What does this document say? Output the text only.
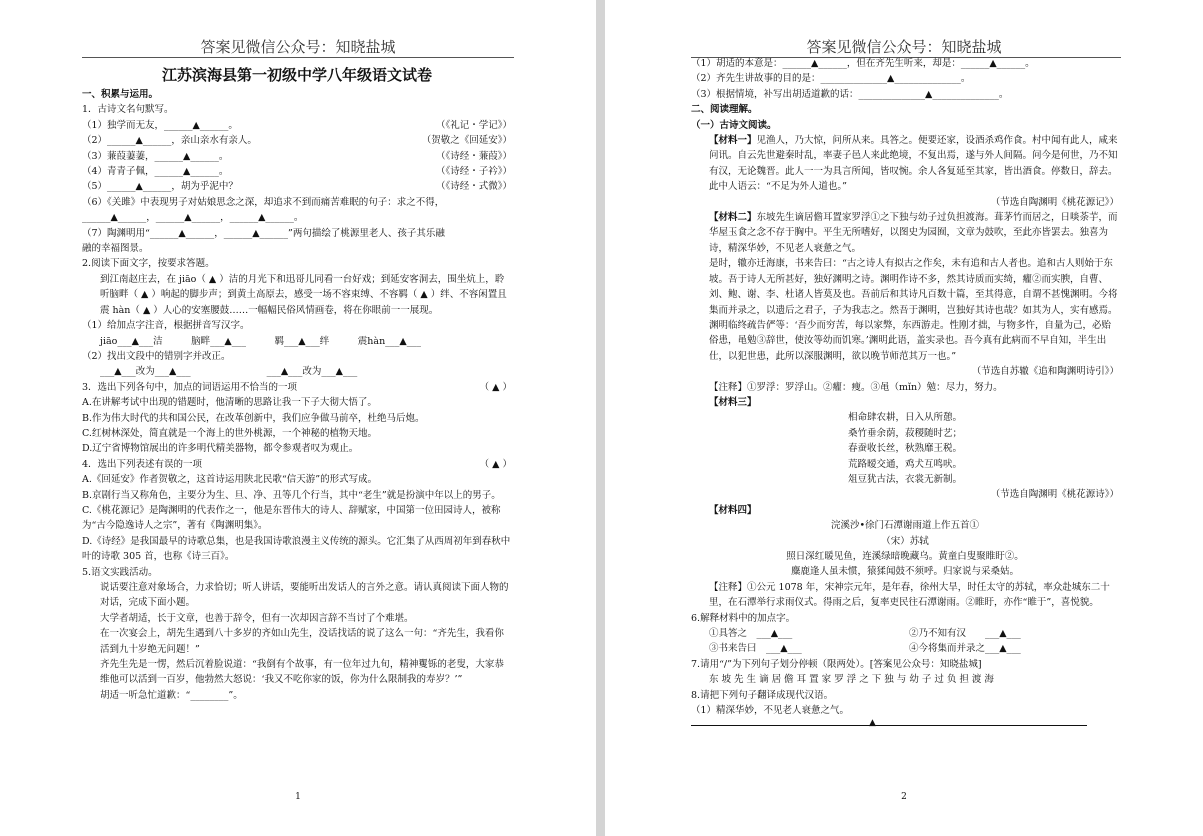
答案见微信公众号：知晓盐城
江苏滨海县第一初级中学八年级语文试卷
一、积累与运用。
1．古诗文名句默写。
（1）独学而无友，______▲______。	（《礼记・学记》）
（2）______▲______，亲山亲水有亲人。	（贺敬之《回延安》）
（3）蒹葭萋萋，______▲______。	（《诗经・蒹葭》）
（4）青青子佩，______▲______。	（《诗经・子衿》）
（5）______▲______，胡为乎泥中？	（《诗经・式微》）
（6）《关雎》中表现男子对姑娘思念之深，却追求不到而痛苦难眠的句子：求之不得，
______▲______，______▲______，______▲______。
（7）陶渊明用“______▲______，______▲______”两句描绘了桃源里老人、孩子其乐融
融的幸福图景。
2.阅读下面文字，按要求答题。
到江南赵庄去，在 jiāo（ ▲ ）洁的月光下和迅哥儿同看一台好戏；到延安客洞去，围坐炕上，聆听脑畔（ ▲ ）响起的脚步声；到黄土高原去，感受一场不容束缚、不容羁（ ▲ ）绊、不容闲置且震 hàn（ ▲ ）人心的安塞腰鼓……一幅幅民俗风情画卷，将在你眼前一一展现。
（1）给加点字注音，根据拼音写汉字。
jiāo___▲___洁　　　脑畔___▲___　　　羁___▲___绊　　　震hàn___▲___
（2）找出文段中的错别字并改正。
___▲___改为___▲___　　　　　　　　___▲___改为___▲___
3．选出下列各句中，加点的词语运用不恰当的一项	（ ▲ ）
A.在讲解考试中出现的错题时，他清晰的思路让我一下子大彻大悟了。
B.作为伟大时代的共和国公民，在改革创新中，我们应争做马前卒，杜绝马后炮。
C.红树林深处，简直就是一个海上的世外桃源，一个神秘的植物天地。
D.辽宁省博物馆展出的许多明代精美器物，都令参观者叹为观止。
4．选出下列表述有误的一项	（ ▲ ）
A.《回延安》作者贺敬之，这首诗运用陕北民歌“信天游”的形式写成。
B.京剧行当又称角色，主要分为生、旦、净、丑等几个行当，其中“老生”就是扮演中年以上的男子。
C.《桃花源记》是陶渊明的代表作之一，他是东晋伟大的诗人、辞赋家，中国第一位田园诗人，被称为“古今隐逸诗人之宗”，著有《陶渊明集》。
D.《诗经》是我国最早的诗歌总集，也是我国诗歌浪漫主义传统的源头。它汇集了从西周初年到春秋中叶的诗歌 305 首，也称《诗三百》。
5.语文实践活动。
说话要注意对象场合，力求恰切；听人讲话，要能听出发话人的言外之意。请认真阅读下面人物的对话，完成下面小题。
大学者胡适，长于文章，也善于辞令，但有一次却因言辞不当讨了个难堪。
在一次宴会上，胡先生遇到八十多岁的齐如山先生，没话找话的说了这么一句：“齐先生，我看你活到九十岁绝无问题！”
齐先生先是一愣，然后沉着脸说道：“我倒有个故事，有一位年过九旬，精神矍铄的老叟，大家恭维他可以活到一百岁，他勃然大怒说：‘我又不吃你家的饭，你为什么限制我的寿岁？’”
胡适一听急忙道歉：“________”。
1
答案见微信公众号：知晓盐城
（1）胡适的本意是：______▲______，但在齐先生听来，却是：______▲______。
（2）齐先生讲故事的目的是：______________▲______________。
（3）根据情境，补写出胡适道歉的话：______________▲______________。
二、阅读理解。
（一）古诗文阅读。
【材料一】见渔人，乃大惊，问所从来。具答之。便要还家，设酒杀鸡作食。村中闻有此人，咸来问讯。自云先世避秦时乱，率妻子邑人来此绝境，不复出焉，遂与外人间隔。问今是何世，乃不知有汉，无论魏晋。此人一一为具言所闻，皆叹惋。余人各复延至其家，皆出酒食。停数日，辞去。此中人语云：“不足为外人道也。”
（节选自陶渊明《桃花源记》）
【材料二】东坡先生谪居儋耳置家罗浮①之下独与幼子过负担渡海。葺茅竹而居之，日啖荼芋，而华屋玉食之念不存于胸中。平生无所嗜好，以图史为园囿，文章为鼓吹，至此亦皆罢去。独喜为诗，精深华妙，不见老人衰惫之气。
是时，辙亦迁海康，书来告曰：“古之诗人有拟古之作矣，未有追和古人者也。追和古人则始于东坡。吾于诗人无所甚好，独好渊明之诗。渊明作诗不多，然其诗质而实绮，癯②而实腴，自曹、刘、鲍、谢、李、杜诸人皆莫及也。吾前后和其诗凡百数十篇，至其得意，自谓不甚愧渊明。今将集而并录之，以遗后之君子，子为我志之。然吾于渊明，岂独好其诗也哉？如其为人，实有感焉。渊明临终疏告俨等：‘吾少而穷苦，每以家弊，东西游走。性刚才拙，与物多忤，自量为己，必贻俗患，黾勉③辞世，使汝等幼而饥寒。’渊明此语，盖实录也。吾今真有此病而不早自知，半生出仕，以犯世患，此所以深服渊明，欲以晚节师范其万一也。”
（节选自苏辙《追和陶渊明诗引》）
【注释】①罗浮：罗浮山。②癯：瘦。③黾（mǐn）勉：尽力，努力。
【材料三】
相命肆农耕，日入从所憩。
桑竹垂余荫，菽稷随时艺；
春蚕收长丝，秋熟靡王税。
荒路暧交通，鸡犬互鸣吠。
俎豆犹古法，衣裳无新制。
（节选自陶渊明《桃花源诗》）
【材料四】
浣溪沙•徐门石潭谢雨道上作五首①
（宋）苏轼
照日深红暖见鱼，连溪绿暗晚藏乌。黄童白叟聚睢盱②。
麋鹿逢人虽未惯，猿猱闻鼓不须呼。归家说与采桑姑。
【注释】①公元 1078 年，宋神宗元年，是年春，徐州大旱，时任太守的苏轼，率众赴城东二十里，在石潭举行求雨仪式。得雨之后，复率吏民往石潭谢雨。②睢盱，亦作“睢于”，喜悦貌。
6.解释材料中的加点字。
①具答之　___▲___	②乃不知有汉　　___▲___
③书来告曰　___▲___	④今将集而并录之___▲___
7.请用“/”为下列句子划分停顿（限两处）。[答案见公众号：知晓盐城]
东 坡 先 生 谪 居 儋 耳 置 家 罗 浮 之 下 独 与 幼 子 过 负 担 渡 海
8.请把下列句子翻译成现代汉语。
（1）精深华妙，不见老人衰惫之气。
▲
2
